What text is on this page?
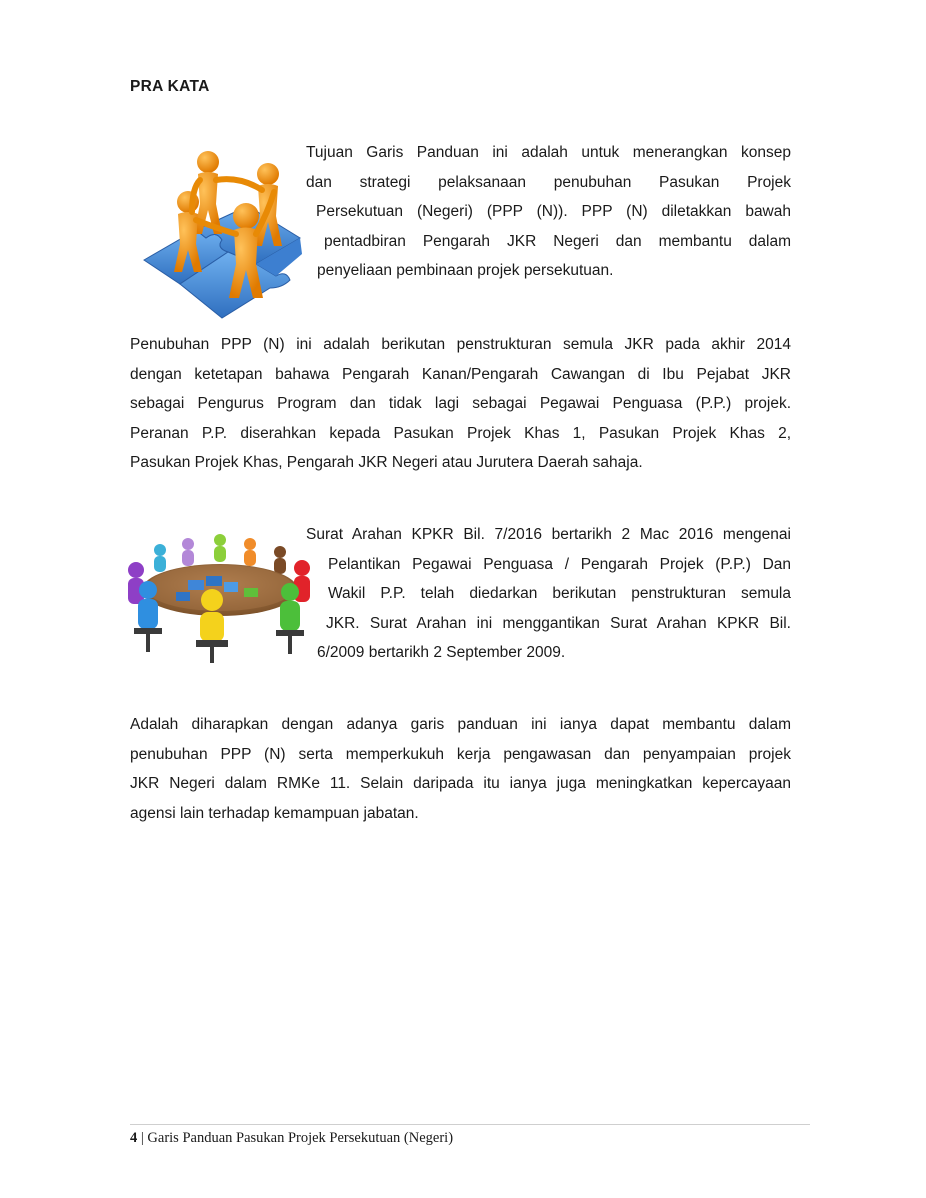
PRA KATA
Tujuan Garis Panduan ini adalah untuk menerangkan konsep
dan strategi pelaksanaan penubuhan Pasukan Projek
Persekutuan (Negeri) (PPP (N)). PPP (N) diletakkan bawah
pentadbiran Pengarah JKR Negeri dan membantu dalam
penyeliaan pembinaan projek persekutuan.
Penubuhan PPP (N) ini adalah berikutan penstrukturan semula JKR pada akhir 2014
dengan ketetapan bahawa Pengarah Kanan/Pengarah Cawangan di Ibu Pejabat JKR
sebagai Pengurus Program dan tidak lagi sebagai Pegawai Penguasa (P.P.) projek.
Peranan P.P. diserahkan kepada Pasukan Projek Khas 1, Pasukan Projek Khas 2,
Pasukan Projek Khas, Pengarah JKR Negeri atau Jurutera Daerah sahaja.
Surat Arahan KPKR Bil. 7/2016 bertarikh 2 Mac 2016 mengenai
Pelantikan Pegawai Penguasa / Pengarah Projek (P.P.) Dan
Wakil P.P. telah diedarkan berikutan penstrukturan semula
JKR. Surat Arahan ini menggantikan Surat Arahan KPKR Bil.
6/2009 bertarikh 2 September 2009.
Adalah diharapkan dengan adanya garis panduan ini ianya dapat membantu dalam
penubuhan PPP (N) serta memperkukuh kerja pengawasan dan penyampaian projek
JKR Negeri dalam RMKe 11. Selain daripada itu ianya juga meningkatkan kepercayaan
agensi lain terhadap kemampuan jabatan.
4 | Garis Panduan Pasukan Projek Persekutuan (Negeri)
